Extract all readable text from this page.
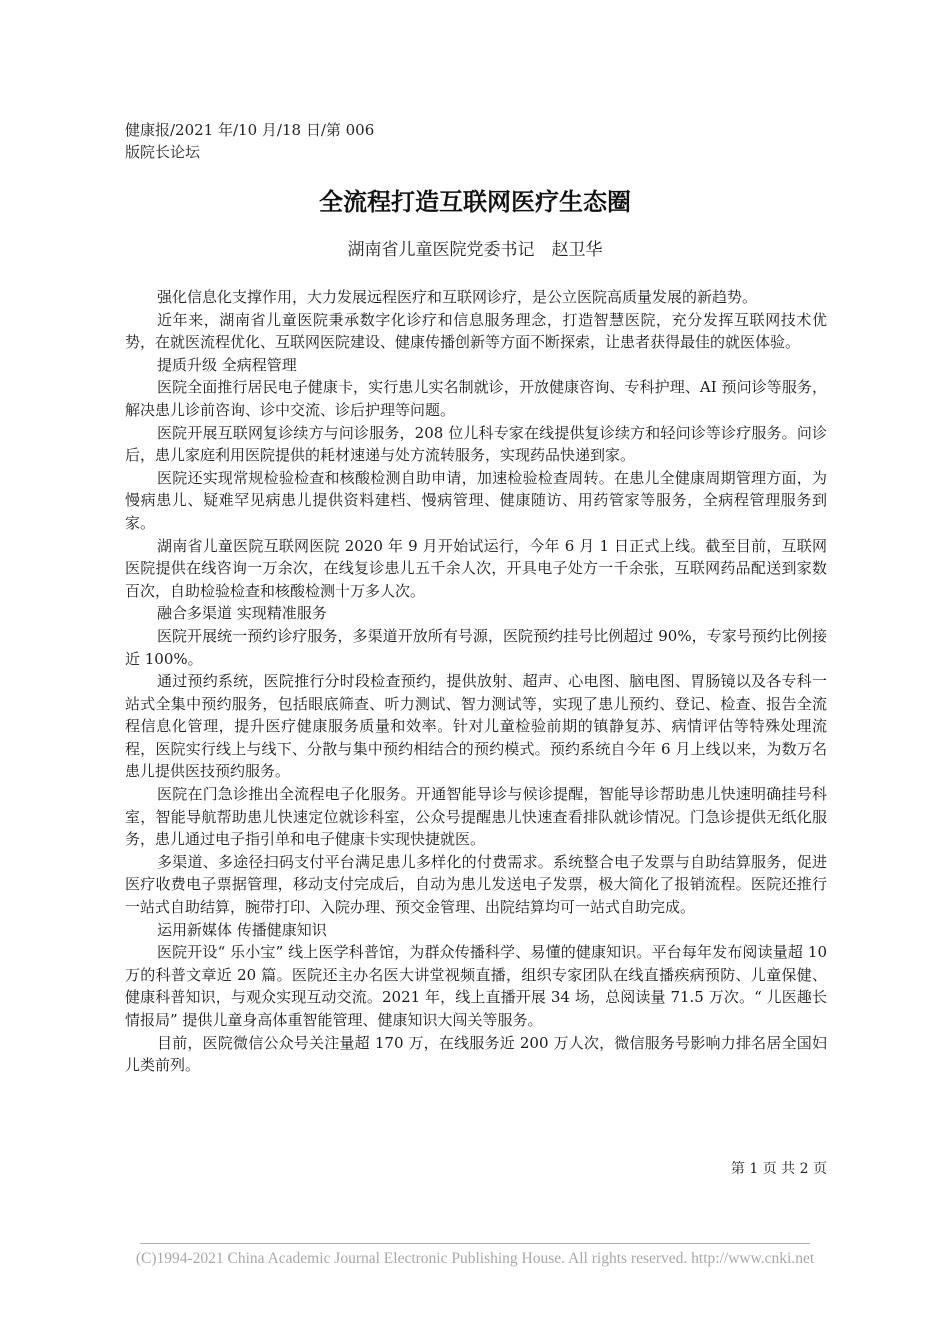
健康报/2021 年/10 月/18 日/第 006
版院长论坛
全流程打造互联网医疗生态圈
湖南省儿童医院党委书记　赵卫华

强化信息化支撑作用，大力发展远程医疗和互联网诊疗，是公立医院高质量发展的新趋势。

近年来，湖南省儿童医院秉承数字化诊疗和信息服务理念，打造智慧医院，充分发挥互联网技术优势，在就医流程优化、互联网医院建设、健康传播创新等方面不断探索，让患者获得最佳的就医体验。

提质升级 全病程管理

医院全面推行居民电子健康卡，实行患儿实名制就诊，开放健康咨询、专科护理、AI 预问诊等服务，解决患儿诊前咨询、诊中交流、诊后护理等问题。

医院开展互联网复诊续方与问诊服务，208 位儿科专家在线提供复诊续方和轻问诊等诊疗服务。问诊后，患儿家庭利用医院提供的耗材速递与处方流转服务，实现药品快递到家。

医院还实现常规检验检查和核酸检测自助申请，加速检验检查周转。在患儿全健康周期管理方面，为慢病患儿、疑难罕见病患儿提供资料建档、慢病管理、健康随访、用药管家等服务，全病程管理服务到家。

湖南省儿童医院互联网医院 2020 年 9 月开始试运行，今年 6 月 1 日正式上线。截至目前，互联网医院提供在线咨询一万余次，在线复诊患儿五千余人次，开具电子处方一千余张，互联网药品配送到家数百次，自助检验检查和核酸检测十万多人次。

融合多渠道 实现精准服务

医院开展统一预约诊疗服务，多渠道开放所有号源，医院预约挂号比例超过 90%，专家号预约比例接近 100%。

通过预约系统，医院推行分时段检查预约，提供放射、超声、心电图、脑电图、胃肠镜以及各专科一站式全集中预约服务，包括眼底筛查、听力测试、智力测试等，实现了患儿预约、登记、检查、报告全流程信息化管理，提升医疗健康服务质量和效率。针对儿童检验前期的镇静复苏、病情评估等特殊处理流程，医院实行线上与线下、分散与集中预约相结合的预约模式。预约系统自今年 6 月上线以来，为数万名患儿提供医技预约服务。

医院在门急诊推出全流程电子化服务。开通智能导诊与候诊提醒，智能导诊帮助患儿快速明确挂号科室，智能导航帮助患儿快速定位就诊科室，公众号提醒患儿快速查看排队就诊情况。门急诊提供无纸化服务，患儿通过电子指引单和电子健康卡实现快捷就医。

多渠道、多途径扫码支付平台满足患儿多样化的付费需求。系统整合电子发票与自助结算服务，促进医疗收费电子票据管理，移动支付完成后，自动为患儿发送电子发票，极大简化了报销流程。医院还推行一站式自助结算，腕带打印、入院办理、预交金管理、出院结算均可一站式自助完成。

运用新媒体 传播健康知识

医院开设“ 乐小宝” 线上医学科普馆，为群众传播科学、易懂的健康知识。平台每年发布阅读量超 10 万的科普文章近 20 篇。医院还主办名医大讲堂视频直播，组织专家团队在线直播疾病预防、儿童保健、健康科普知识，与观众实现互动交流。2021 年，线上直播开展 34 场，总阅读量 71.5 万次。“ 儿医趣长情报局” 提供儿童身高体重智能管理、健康知识大闯关等服务。

目前，医院微信公众号关注量超 170 万，在线服务近 200 万人次，微信服务号影响力排名居全国妇儿类前列。

第 1 页 共 2 页
(C)1994-2021 China Academic Journal Electronic Publishing House. All rights reserved. http://www.cnki.net
